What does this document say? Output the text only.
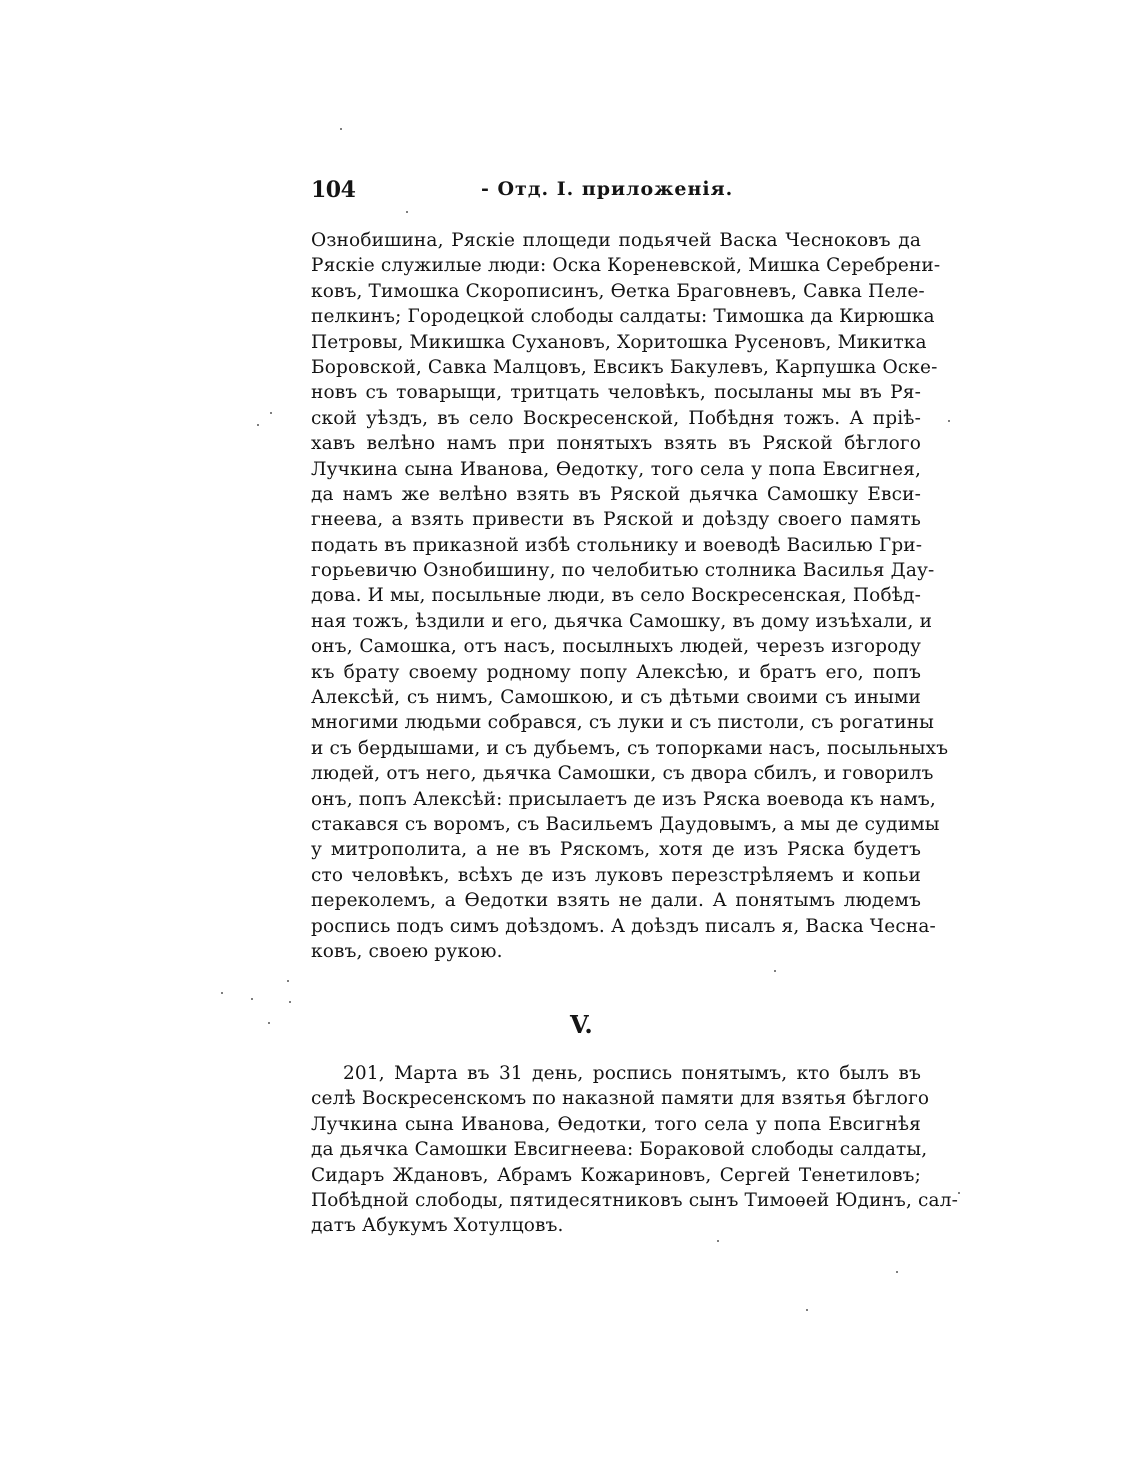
104	- Отд. I. приложенія.
Ознобишина, Ряскіе площеди подьячей Васка Чесноковъ да
Ряскіе служилые люди: Оска Кореневской, Мишка Серебрени-
ковъ, Тимошка Скорописинъ, Ѳетка Браговневъ, Савка Пеле-
пелкинъ; Городецкой слободы салдаты: Тимошка да Кирюшка
Петровы, Микишка Сухановъ, Хоритошка Русеновъ, Микитка
Боровской, Савка Малцовъ, Евсикъ Бакулевъ, Карпушка Оске-
новъ съ товарыщи, тритцать человѣкъ, посыланы мы въ Ря-
ской уѣздъ, въ село Воскресенской, Побѣдня тожъ. А пріѣ-
хавъ велѣно намъ при понятыхъ взять въ Ряской бѣглого
Лучкина сына Иванова, Ѳедотку, того села у попа Евсигнея,
да намъ же велѣно взять въ Ряской дьячка Самошку Евси-
гнеева, а взять привести въ Ряской и доѣзду своего память
подать въ приказной избѣ стольнику и воеводѣ Василью Гри-
горьевичю Ознобишину, по челобитью столника Василья Дау-
дова. И мы, посыльные люди, въ село Воскресенская, Побѣд-
ная тожъ, ѣздили и его, дьячка Самошку, въ дому изъѣхали, и
онъ, Самошка, отъ насъ, посылныхъ людей, черезъ изгороду
къ брату своему родному попу Алексѣю, и братъ его, попъ
Алексѣй, съ нимъ, Самошкою, и съ дѣтьми своими съ иными
многими людьми собрався, съ луки и съ пистоли, съ рогатины
и съ бердышами, и съ дубьемъ, съ топорками насъ, посыльныхъ
людей, отъ него, дьячка Самошки, съ двора сбилъ, и говорилъ
онъ, попъ Алексѣй: присылаетъ де изъ Ряска воевода къ намъ,
стакався съ воромъ, съ Васильемъ Даудовымъ, а мы де судимы
у митрополита, а не въ Ряскомъ, хотя де изъ Ряска будетъ
сто человѣкъ, всѣхъ де изъ луковъ перезстрѣляемъ и копьи
переколемъ, а Ѳедотки взять не дали. А понятымъ людемъ
роспись подъ симъ доѣздомъ. А доѣздъ писалъ я, Васка Чесна-
ковъ, своею рукою.
V.
201, Марта въ 31 день, роспись понятымъ, кто былъ въ
селѣ Воскресенскомъ по наказной памяти для взятья бѣглого
Лучкина сына Иванова, Ѳедотки, того села у попа Евсигнѣя
да дьячка Самошки Евсигнеева: Бораковой слободы салдаты,
Сидаръ Ждановъ, Абрамъ Кожариновъ, Сергей Тенетиловъ;
Побѣдной слободы, пятидесятниковъ сынъ Тимоѳей Юдинъ, сал-
датъ Абукумъ Хотулцовъ.
